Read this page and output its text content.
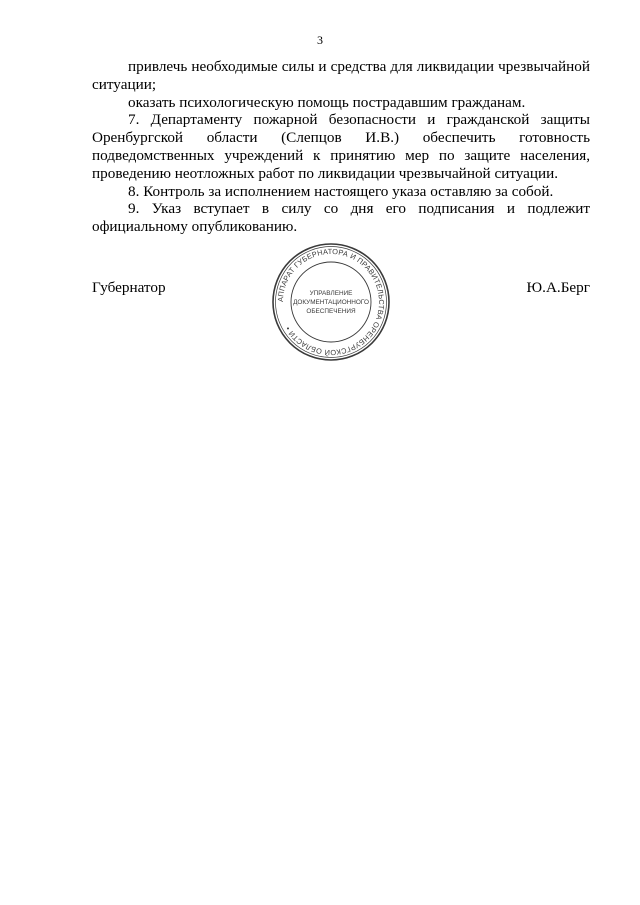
3

привлечь необходимые силы и средства для ликвидации чрезвычайной ситуации;

оказать психологическую помощь пострадавшим гражданам.

7. Департаменту пожарной безопасности и гражданской защиты Оренбургской области (Слепцов И.В.) обеспечить готовность подведомственных учреждений к принятию мер по защите населения, проведению неотложных работ по ликвидации чрезвычайной ситуации.

8. Контроль за исполнением настоящего указа оставляю за собой.

9. Указ вступает в силу со дня его подписания и подлежит официальному опубликованию.

Губернатор	Ю.А.Берг
АППАРАТ ГУБЕРНАТОРА И ПРАВИТЕЛЬСТВА ОРЕНБУРГСКОЙ ОБЛАСТИ •
УПРАВЛЕНИЕ
ДОКУМЕНТАЦИОННОГО
ОБЕСПЕЧЕНИЯ
